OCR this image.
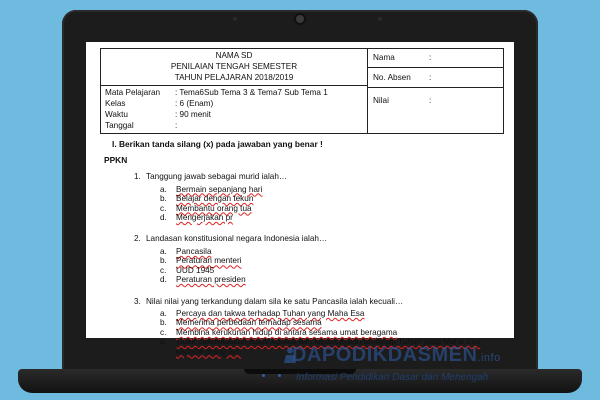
NAMA SD
PENILAIAN TENGAH SEMESTER
TAHUN PELAJARAN 2018/2019
Mata Pelajaran : Tema6Sub Tema 3 & Tema7 Sub Tema 1
Kelas	: 6 (Enam)
Waktu	: 90 menit
Tanggal	:
Nama	:
No. Absen :
Nilai	:
I. Berikan tanda silang (x) pada jawaban yang benar !
PPKN
1. Tanggung jawab sebagai murid ialah…
a. Bermain sepanjang hari
b. Belajar dengan tekun
c. Membantu orang tua
d. Mengerjakan pr
2. Landasan konstitusional negara Indonesia ialah…
a. Pancasila
b. Peraturan menteri
c. UUD 1945
d. Peraturan presiden
3. Nilai nilai yang terkandung dalam sila ke satu Pancasila ialah kecuali…
a. Percaya dan takwa terhadap Tuhan yang Maha Esa
b. Memerima perbedaan terhadap sesama
c. Membina kerukunan hidup di antara sesama umat beragama
d. Tidak memaksakan suatu agama dan kepercayaan terhadap Tuhan yang Maha Esa kepada orang lain	DAPODIKDASMEN.info
Informasi Pendidikan Dasar dan Menengah
